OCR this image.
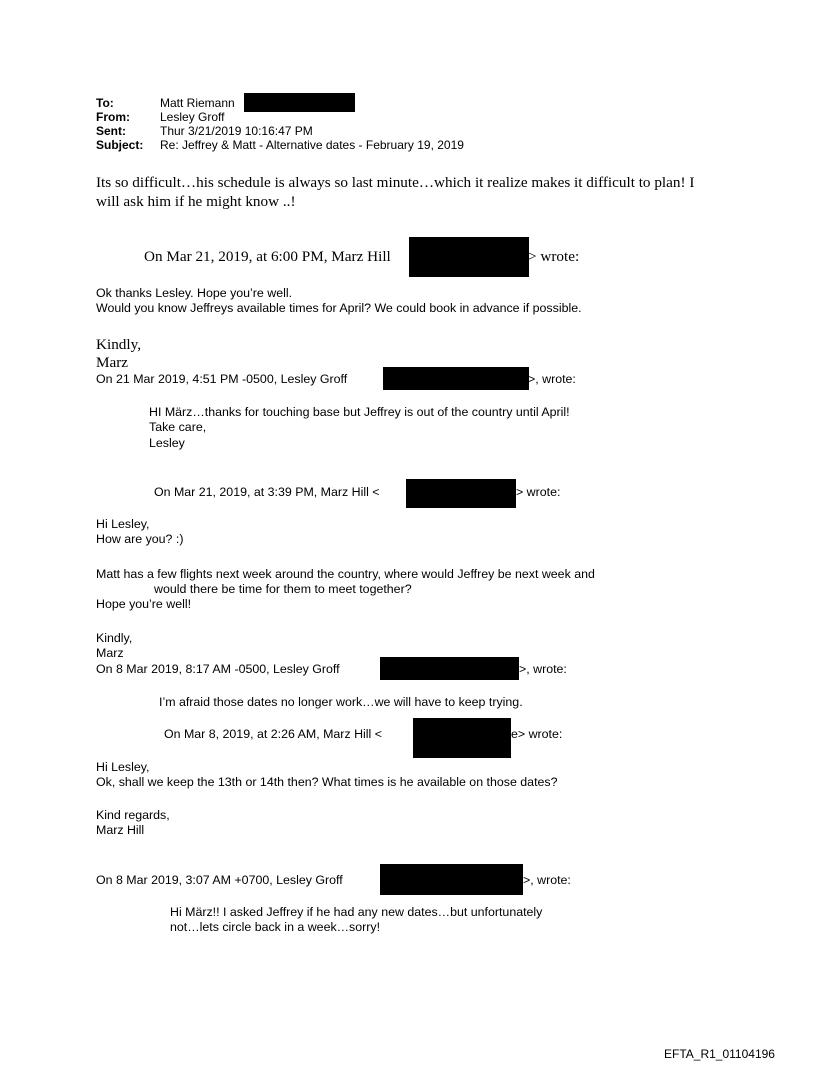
To:	Matt Riemann
From:	Lesley Groff
Sent:	Thur 3/21/2019 10:16:47 PM
Subject: Re: Jeffrey & Matt - Alternative dates - February 19, 2019
Its so difficult…his schedule is always so last minute…which it realize makes it difficult to plan! I
will ask him if he might know ..!
On Mar 21, 2019, at 6:00 PM, Marz Hill	> wrote:
Ok thanks Lesley. Hope you’re well.
Would you know Jeffreys available times for April? We could book in advance if possible.
Kindly,
Marz
On 21 Mar 2019, 4:51 PM -0500, Lesley Groff	>, wrote:
HI März…thanks for touching base but Jeffrey is out of the country until April!
Take care,
Lesley
On Mar 21, 2019, at 3:39 PM, Marz Hill <	> wrote:
Hi Lesley,
How are you? :)
Matt has a few flights next week around the country, where would Jeffrey be next week and
would there be time for them to meet together?
Hope you’re well!
Kindly,
Marz
On 8 Mar 2019, 8:17 AM -0500, Lesley Groff	>, wrote:
I’m afraid those dates no longer work…we will have to keep trying.
On Mar 8, 2019, at 2:26 AM, Marz Hill <	e> wrote:
Hi Lesley,
Ok, shall we keep the 13th or 14th then? What times is he available on those dates?
Kind regards,
Marz Hill
On 8 Mar 2019, 3:07 AM +0700, Lesley Groff	>, wrote:
Hi März!! I asked Jeffrey if he had any new dates…but unfortunately
not…lets circle back in a week…sorry!
EFTA_R1_01104196
